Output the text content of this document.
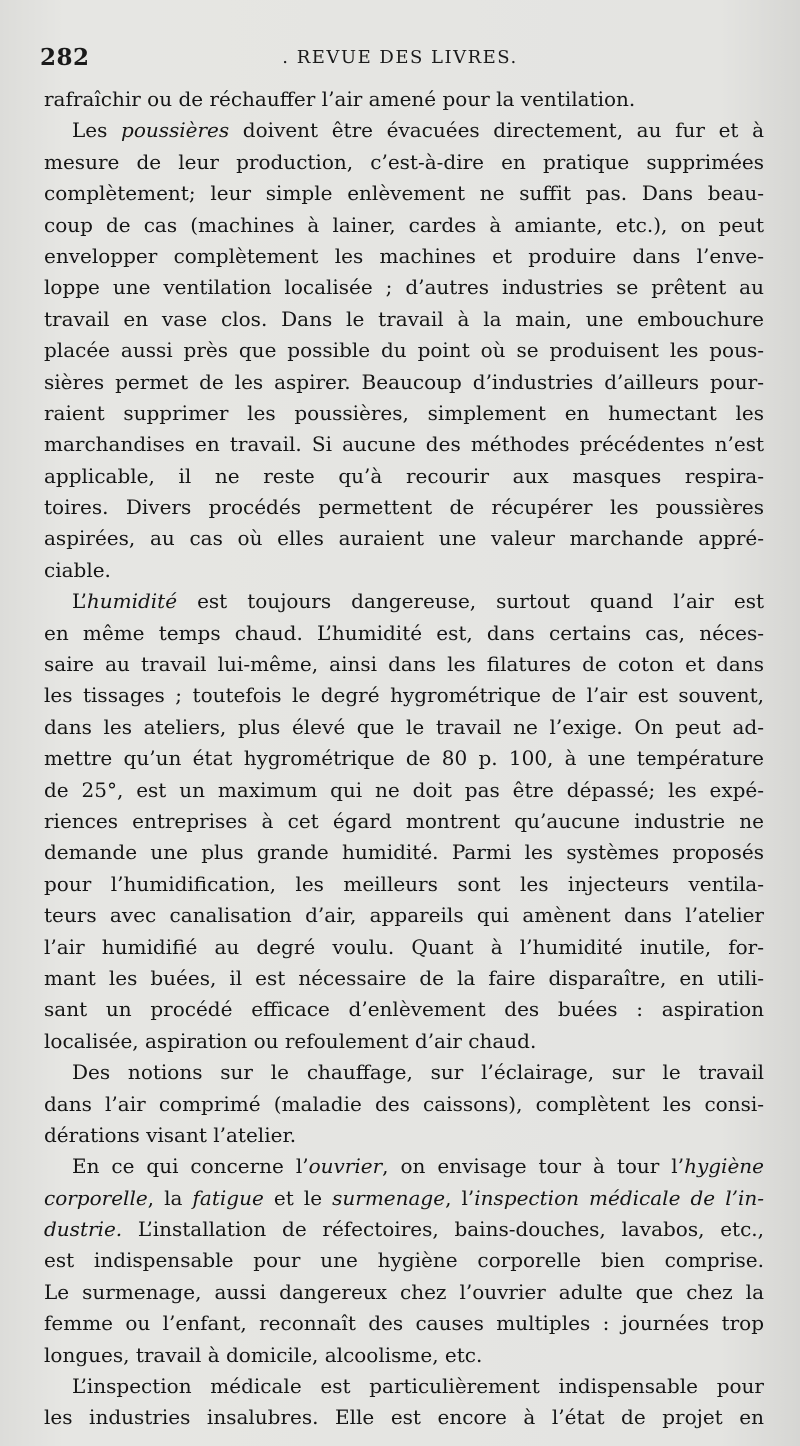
282	. REVUE DES LIVRES.
rafraîchir ou de réchauffer l’air amené pour la ventilation.
Les poussières doivent être évacuées directement, au fur et à
mesure de leur production, c’est-à-dire en pratique supprimées
complètement; leur simple enlèvement ne suffit pas. Dans beau-
coup de cas (machines à lainer, cardes à amiante, etc.), on peut
envelopper complètement les machines et produire dans l’enve-
loppe une ventilation localisée ; d’autres industries se prêtent au
travail en vase clos. Dans le travail à la main, une embouchure
placée aussi près que possible du point où se produisent les pous-
sières permet de les aspirer. Beaucoup d’industries d’ailleurs pour-
raient supprimer les poussières, simplement en humectant les
marchandises en travail. Si aucune des méthodes précédentes n’est
applicable, il ne reste qu’à recourir aux masques respira-
toires. Divers procédés permettent de récupérer les poussières
aspirées, au cas où elles auraient une valeur marchande appré-
ciable.
L’humidité est toujours dangereuse, surtout quand l’air est
en même temps chaud. L’humidité est, dans certains cas, néces-
saire au travail lui-même, ainsi dans les filatures de coton et dans
les tissages ; toutefois le degré hygrométrique de l’air est souvent,
dans les ateliers, plus élevé que le travail ne l’exige. On peut ad-
mettre qu’un état hygrométrique de 80 p. 100, à une température
de 25°, est un maximum qui ne doit pas être dépassé; les expé-
riences entreprises à cet égard montrent qu’aucune industrie ne
demande une plus grande humidité. Parmi les systèmes proposés
pour l’humidification, les meilleurs sont les injecteurs ventila-
teurs avec canalisation d’air, appareils qui amènent dans l’atelier
l’air humidifié au degré voulu. Quant à l’humidité inutile, for-
mant les buées, il est nécessaire de la faire disparaître, en utili-
sant un procédé efficace d’enlèvement des buées : aspiration
localisée, aspiration ou refoulement d’air chaud.
Des notions sur le chauffage, sur l’éclairage, sur le travail
dans l’air comprimé (maladie des caissons), complètent les consi-
dérations visant l’atelier.
En ce qui concerne l’ouvrier, on envisage tour à tour l’hygiène
corporelle, la fatigue et le surmenage, l’inspection médicale de l’in-
dustrie. L’installation de réfectoires, bains-douches, lavabos, etc.,
est indispensable pour une hygiène corporelle bien comprise.
Le surmenage, aussi dangereux chez l’ouvrier adulte que chez la
femme ou l’enfant, reconnaît des causes multiples : journées trop
longues, travail à domicile, alcoolisme, etc.
L’inspection médicale est particulièrement indispensable pour
les industries insalubres. Elle est encore à l’état de projet en
